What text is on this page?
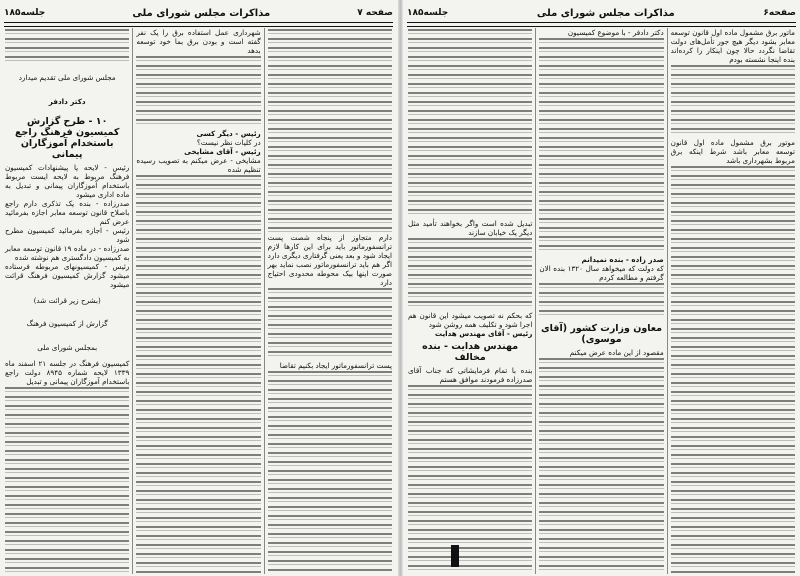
صفحه ۷
مذاکرات مجلس شورای ملی
جلسه۱۸۵

دارم متجاوز از پنجاه شصت پست ترانسفورماتور باید برای این کارها لازم ایجاد شود و بعد یعنی گرفتاری دیگری دارد اگر هم باید ترانسفورماتور نصب نماید بهر صورت اینها بیک محوطه محدودی احتیاج دارد

پست ترانسفورماتور ایجاد بکنیم تقاضا

شهرداری عمل استفاده برق را یک نفر گفته است و بودن برق بما خود توسعه بدهد

رئیس - دیگر کسی

در کلیات نظر نیست؟

رئیس - آقای مشایخی

مشایخی - عرض میکنم به تصویب رسیده تنظیم شده

مجلس شورای ملی تقدیم میدارد

دکتر دادفر

۱۰ - طرح گزارش کمیسیون فرهنگ راجع باستخدام آموزگاران پیمانی

رئیس - لایحه یا پیشنهادات کمیسیون فرهنگ مربوط به لایحه ایست مربوط باستخدام آموزگاران پیمانی و تبدیل به ماده اداری میشود

صدرزاده - بنده یک تذکری دارم راجع باصلاح قانون توسعه معابر اجازه بفرمائید عرض کنم

رئیس - اجازه بفرمائید کمیسیون مطرح شود

صدرزاده - در ماده ۱۹ قانون توسعه معابر به کمیسیون دادگستری هم نوشته شده

رئیس - کمیسیونهای مربوطه فرستاده میشود گزارش کمیسیون فرهنگ قرائت میشود

(بشرح زیر قرائت شد)

گزارش از کمیسیون فرهنگ

بمجلس شورای ملی

کمیسیون فرهنگ در جلسه ۲۱ اسفند ماه ۱۳۳۹ لایحه شماره ۸۹۴۵ دولت راجع باستخدام آموزگاران پیمانی و تبدیل

صفحه۶
مذاکرات مجلس شورای ملی
جلسه۱۸۵

ماتور برق مشمول ماده اول قانون توسعه معابر بشود دیگر هیچ جور تأمل‌های دولت تقاضا نگردد حالا چون اینکار را کرده‌اند بنده اینجا نشسته بودم

موتور برق مشمول ماده اول قانون توسعه معابر باشد شرط اینکه برق مربوط بشهرداری باشد

دکتر دادفر - با موضوع کمیسیون

صدر زاده - بنده نمیدانم

که دولت که میخواهد سال ۱۳۲۰ بنده الان گرفتم و مطالعه کردم

معاون وزارت کشور (آقای موسوی)

مقصود از این ماده عرض میکنم

تبدیل شده است واگر بخواهند تأمید مثل دیگر یک خیابان سازند

که بحکم نه تصویب میشود این قانون هم اجرا شود و تکلیف همه روشن شود

رئیس - آقای مهندس هدایت

مهندس هدایت - بنده مخالف

بنده با تمام فرمایشاتی که جناب آقای صدرزاده فرمودند موافق هستم
